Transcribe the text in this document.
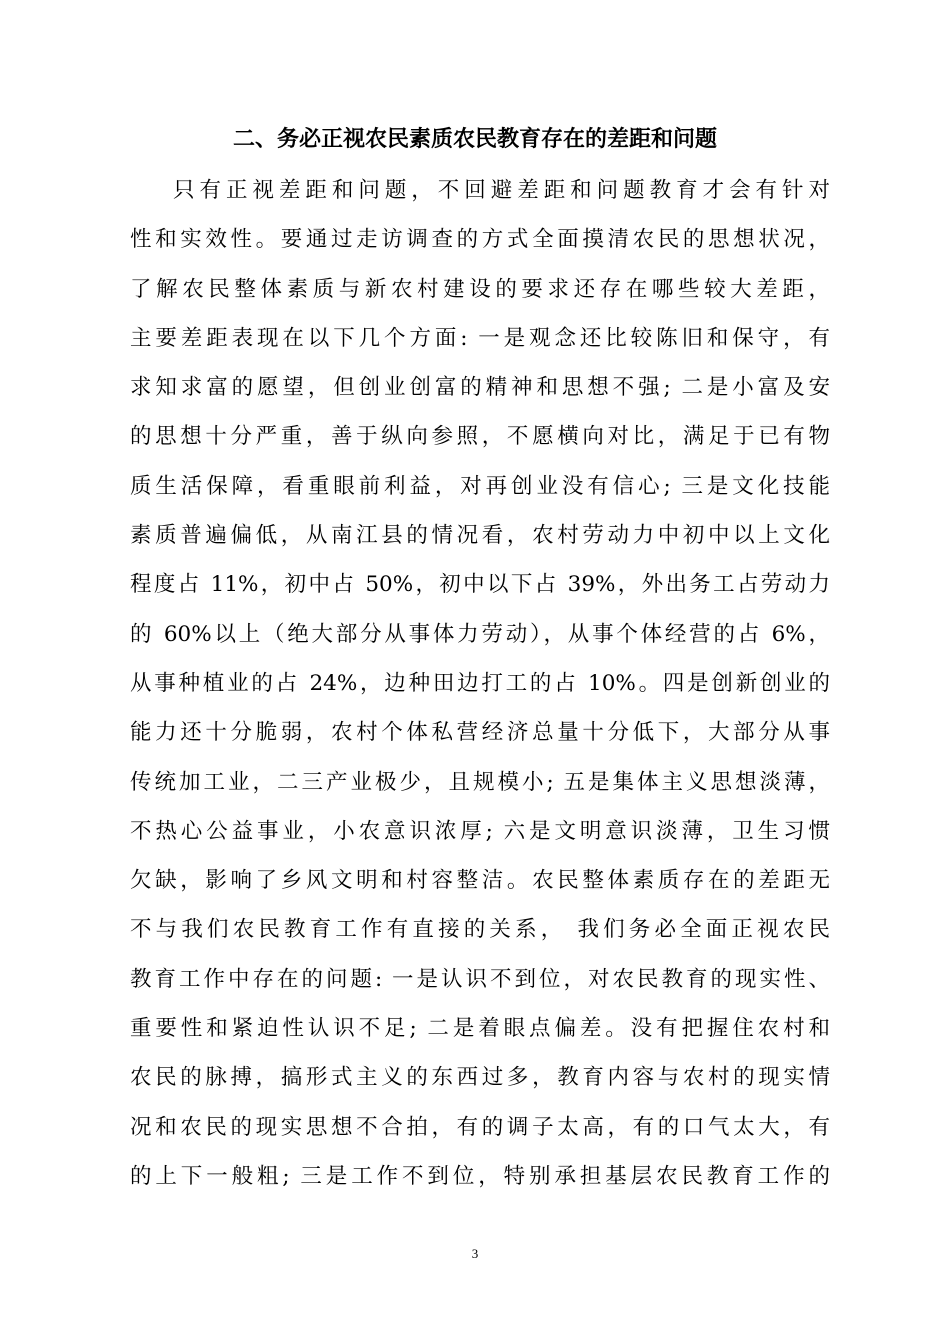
二、务必正视农民素质农民教育存在的差距和问题
只有正视差距和问题，不回避差距和问题教育才会有针对
性和实效性。要通过走访调查的方式全面摸清农民的思想状况，
了解农民整体素质与新农村建设的要求还存在哪些较大差距，
主要差距表现在以下几个方面: 一是观念还比较陈旧和保守，有
求知求富的愿望，但创业创富的精神和思想不强; 二是小富及安
的思想十分严重，善于纵向参照，不愿横向对比，满足于已有物
质生活保障，看重眼前利益，对再创业没有信心; 三是文化技能
素质普遍偏低，从南江县的情况看，农村劳动力中初中以上文化
程度占 11%，初中占 50%，初中以下占 39%，外出务工占劳动力
的 60%以上（绝大部分从事体力劳动），从事个体经营的占 6%，
从事种植业的占 24%，边种田边打工的占 10%。四是创新创业的
能力还十分脆弱，农村个体私营经济总量十分低下，大部分从事
传统加工业，二三产业极少，且规模小; 五是集体主义思想淡薄，
不热心公益事业，小农意识浓厚; 六是文明意识淡薄，卫生习惯
欠缺，影响了乡风文明和村容整洁。农民整体素质存在的差距无
不与我们农民教育工作有直接的关系， 我们务必全面正视农民
教育工作中存在的问题: 一是认识不到位，对农民教育的现实性、
重要性和紧迫性认识不足; 二是着眼点偏差。没有把握住农村和
农民的脉搏，搞形式主义的东西过多，教育内容与农村的现实情
况和农民的现实思想不合拍，有的调子太高，有的口气太大，有
的上下一般粗; 三是工作不到位，特别承担基层农民教育工作的
3
